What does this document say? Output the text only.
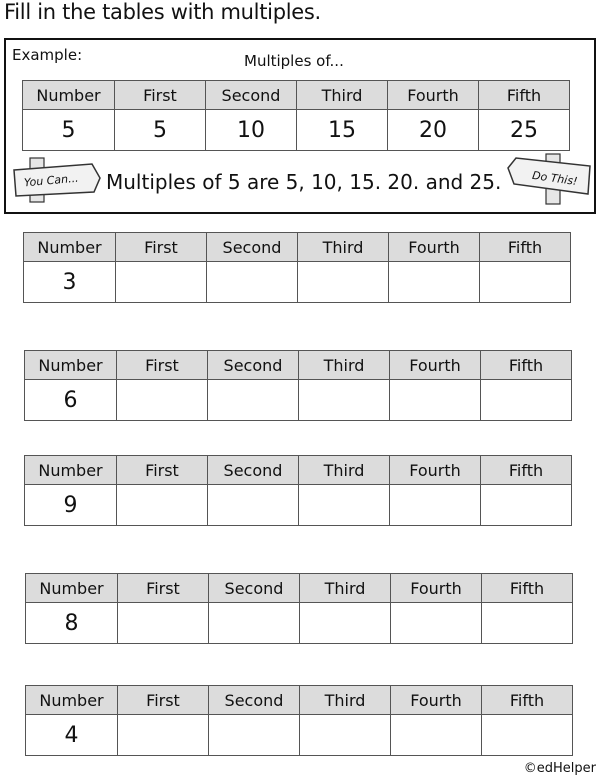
Fill in the tables with multiples.
Example:	Multiples of...
Number	First	Second	Third	Fourth	Fifth
5	5	10	15	20	25
You Can... Multiples of 5 are 5, 10, 15. 20. and 25.	Do This!
Number	First	Second	Third	Fourth	Fifth
3					
Number	First	Second	Third	Fourth	Fifth
6					
Number	First	Second	Third	Fourth	Fifth
9					
Number	First	Second	Third	Fourth	Fifth
8					
Number	First	Second	Third	Fourth	Fifth
4					
©edHelper
